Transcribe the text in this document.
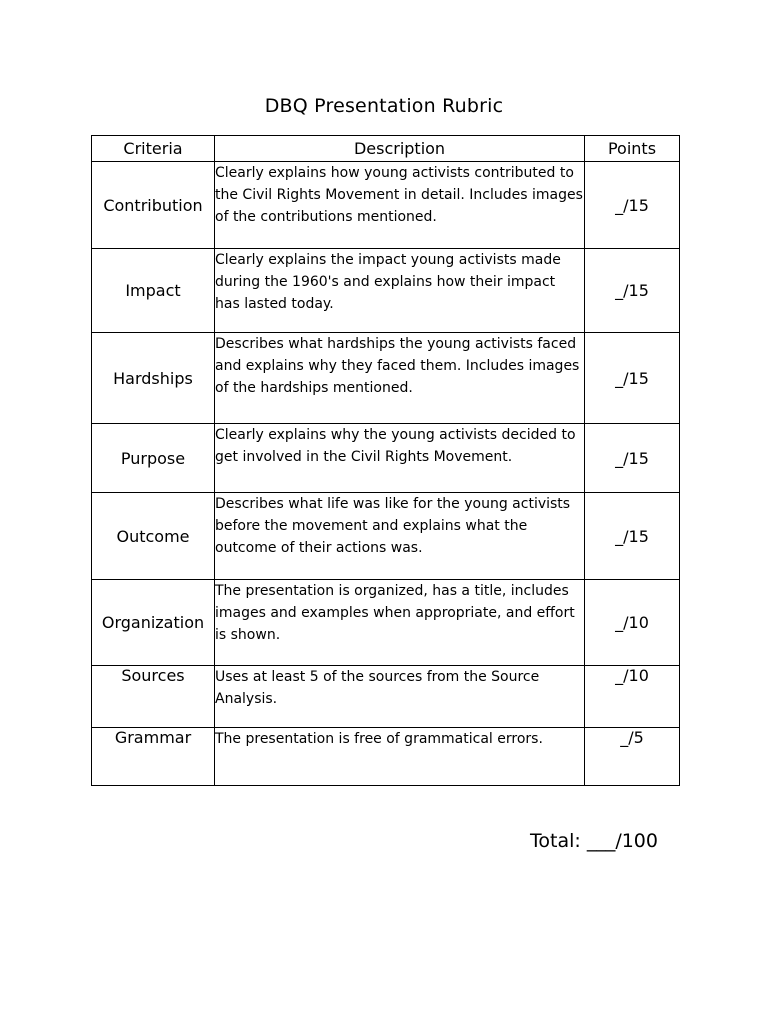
DBQ Presentation Rubric
Criteria	Description	Points
Contribution	Clearly explains how young activists contributed to the Civil Rights Movement in detail. Includes images of the contributions mentioned.	_/15
Impact	Clearly explains the impact young activists made during the 1960's and explains how their impact has lasted today.	_/15
Hardships	Describes what hardships the young activists faced and explains why they faced them. Includes images of the hardships mentioned.	_/15
Purpose	Clearly explains why the young activists decided to get involved in the Civil Rights Movement.	_/15
Outcome	Describes what life was like for the young activists before the movement and explains what the outcome of their actions was.	_/15
Organization	The presentation is organized, has a title, includes images and examples when appropriate, and effort is shown.	_/10
Sources	Uses at least 5 of the sources from the Source Analysis.	_/10
Grammar	The presentation is free of grammatical errors.	_/5
Total: ___/100
